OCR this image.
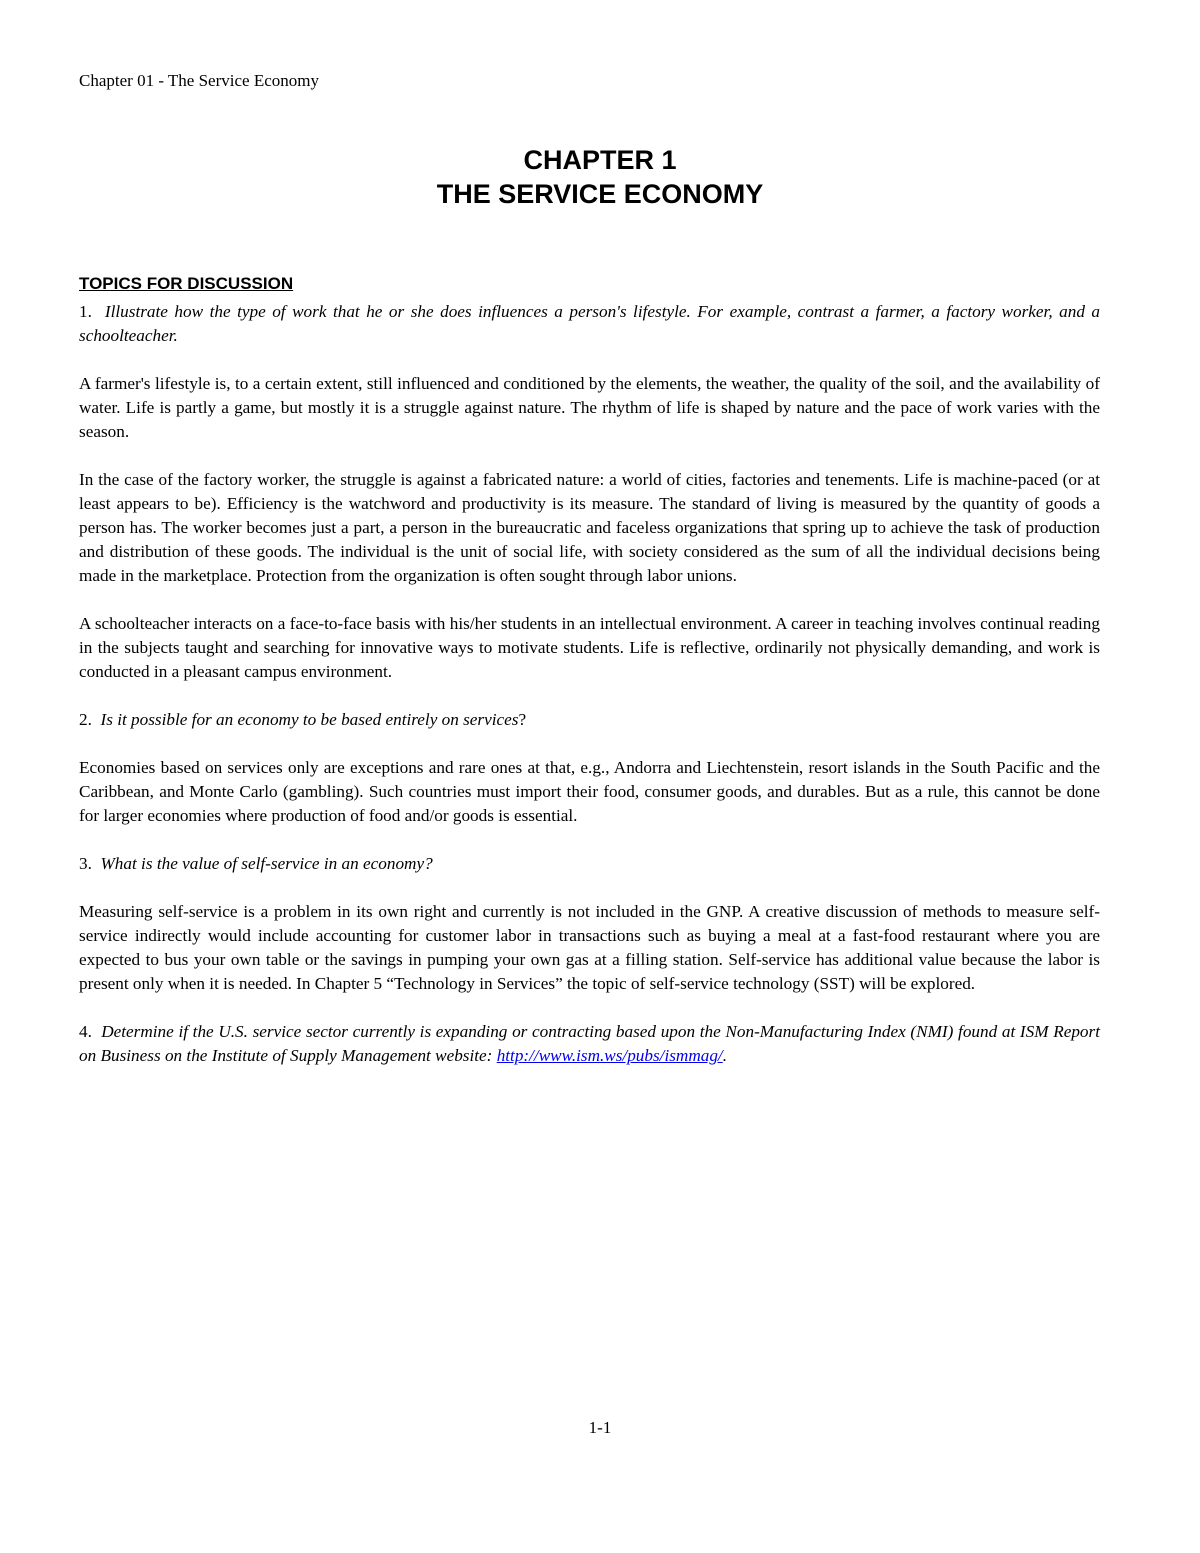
Chapter 01 - The Service Economy
CHAPTER 1
THE SERVICE ECONOMY
TOPICS FOR DISCUSSION

1. Illustrate how the type of work that he or she does influences a person's lifestyle. For example, contrast a farmer, a factory worker, and a schoolteacher.

A farmer's lifestyle is, to a certain extent, still influenced and conditioned by the elements, the weather, the quality of the soil, and the availability of water. Life is partly a game, but mostly it is a struggle against nature. The rhythm of life is shaped by nature and the pace of work varies with the season.

In the case of the factory worker, the struggle is against a fabricated nature: a world of cities, factories and tenements. Life is machine-paced (or at least appears to be). Efficiency is the watchword and productivity is its measure. The standard of living is measured by the quantity of goods a person has. The worker becomes just a part, a person in the bureaucratic and faceless organizations that spring up to achieve the task of production and distribution of these goods. The individual is the unit of social life, with society considered as the sum of all the individual decisions being made in the marketplace. Protection from the organization is often sought through labor unions.

A schoolteacher interacts on a face-to-face basis with his/her students in an intellectual environment. A career in teaching involves continual reading in the subjects taught and searching for innovative ways to motivate students. Life is reflective, ordinarily not physically demanding, and work is conducted in a pleasant campus environment.

2. Is it possible for an economy to be based entirely on services?

Economies based on services only are exceptions and rare ones at that, e.g., Andorra and Liechtenstein, resort islands in the South Pacific and the Caribbean, and Monte Carlo (gambling). Such countries must import their food, consumer goods, and durables. But as a rule, this cannot be done for larger economies where production of food and/or goods is essential.

3. What is the value of self-service in an economy?

Measuring self-service is a problem in its own right and currently is not included in the GNP. A creative discussion of methods to measure self-service indirectly would include accounting for customer labor in transactions such as buying a meal at a fast-food restaurant where you are expected to bus your own table or the savings in pumping your own gas at a filling station. Self-service has additional value because the labor is present only when it is needed. In Chapter 5 “Technology in Services” the topic of self-service technology (SST) will be explored.

4. Determine if the U.S. service sector currently is expanding or contracting based upon the Non-Manufacturing Index (NMI) found at ISM Report on Business on the Institute of Supply Management website: http://www.ism.ws/pubs/ismmag/.

1-1
